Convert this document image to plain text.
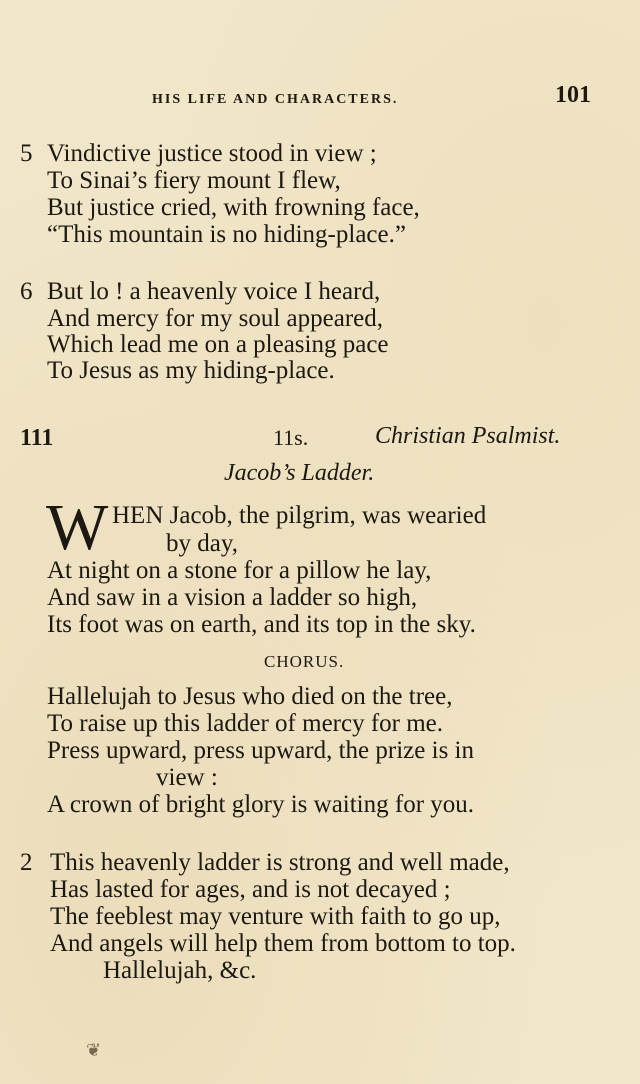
HIS LIFE AND CHARACTERS.	101
5 Vindictive justice stood in view ;
To Sinai’s fiery mount I flew,
But justice cried, with frowning face,
“This mountain is no hiding-place.”
6 But lo ! a heavenly voice I heard,
And mercy for my soul appeared,
Which lead me on a pleasing pace
To Jesus as my hiding-place.
111	11s.	Christian Psalmist.
Jacob’s Ladder.
W HEN Jacob, the pilgrim, was wearied
by day,
At night on a stone for a pillow he lay,
And saw in a vision a ladder so high,
Its foot was on earth, and its top in the sky.
CHORUS.
Hallelujah to Jesus who died on the tree,
To raise up this ladder of mercy for me.
Press upward, press upward, the prize is in
view :
A crown of bright glory is waiting for you.
2 This heavenly ladder is strong and well made,
Has lasted for ages, and is not decayed ;
The feeblest may venture with faith to go up,
And angels will help them from bottom to top.
Hallelujah, &c.
❦
